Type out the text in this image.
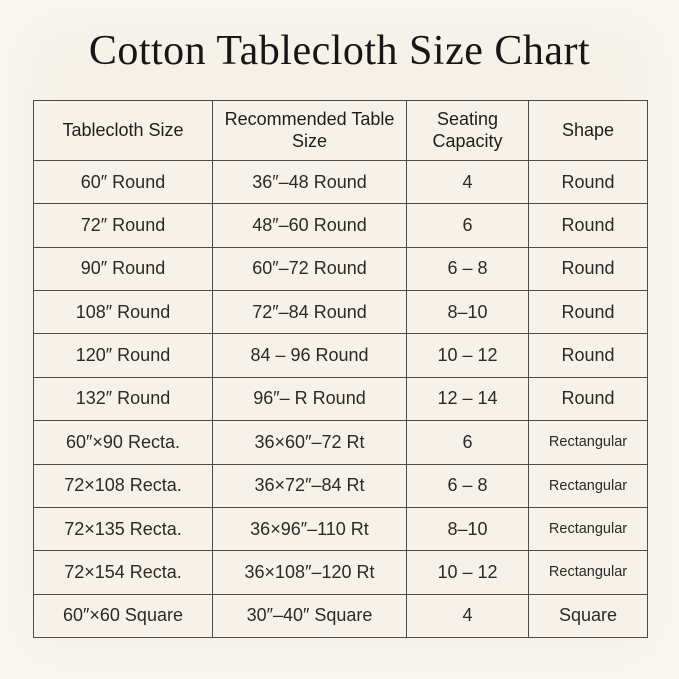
Cotton Tablecloth Size Chart
Tablecloth Size	Recommended Table Size	Seating Capacity	Shape
60″ Round	36″–48 Round	4	Round
72″ Round	48″–60 Round	6	Round
90″ Round	60″–72 Round	6 – 8	Round
108″ Round	72″–84 Round	8–10	Round
120″ Round	84 – 96 Round	10 – 12	Round
132″ Round	96″– R Round	12 – 14	Round
60″×90 Recta.	36×60″–72 Rt	6	Rectangular
72×108 Recta.	36×72″–84 Rt	6 – 8	Rectangular
72×135 Recta.	36×96″–110 Rt	8–10	Rectangular
72×154 Recta.	36×108″–120 Rt	10 – 12	Rectangular
60″×60 Square	30″–40″ Square	4	Square
